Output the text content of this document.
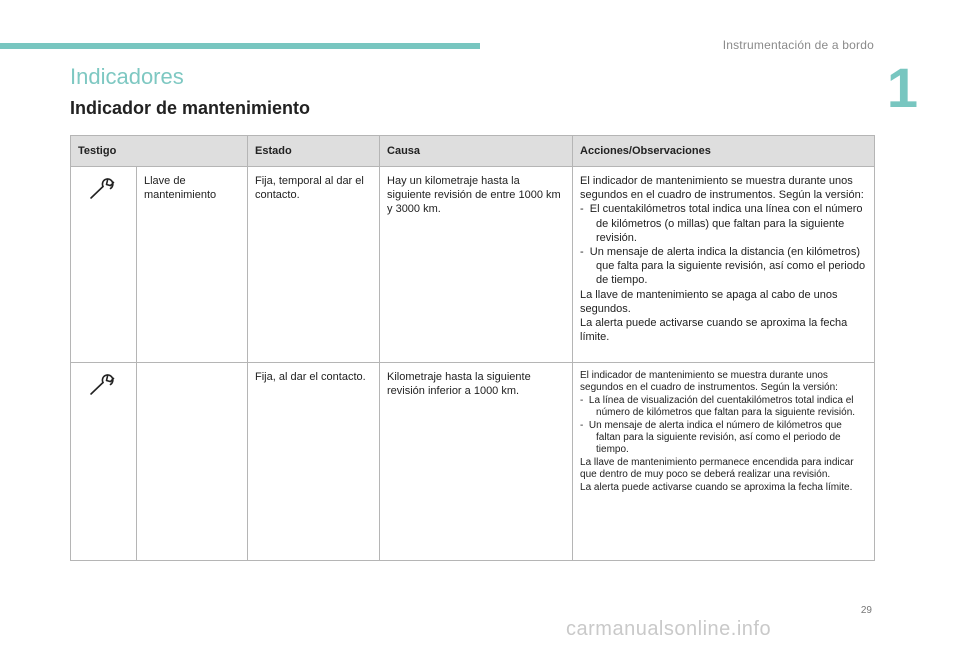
Instrumentación de a bordo
1
Indicadores
Indicador de mantenimiento
Testigo		Estado	Causa	Acciones/Observaciones

	Llave de mantenimiento	Fija, temporal al dar el contacto.	Hay un kilometraje hasta la siguiente revisión de entre 1000 km y 3000 km.	El indicador de mantenimiento se muestra durante unos segundos en el cuadro de instrumentos. Según la versión:
-  El cuentakilómetros total indica una línea con el número de kilómetros (o millas) que faltan para la siguiente revisión.
-  Un mensaje de alerta indica la distancia (en kilómetros) que falta para la siguiente revisión, así como el periodo de tiempo.
La llave de mantenimiento se apaga al cabo de unos segundos.
La alerta puede activarse cuando se aproxima la fecha límite.

		Fija, al dar el contacto.	Kilometraje hasta la siguiente revisión inferior a 1000 km.	El indicador de mantenimiento se muestra durante unos segundos en el cuadro de instrumentos. Según la versión:
-  La línea de visualización del cuentakilómetros total indica el número de kilómetros que faltan para la siguiente revisión.
-  Un mensaje de alerta indica el número de kilómetros que faltan para la siguiente revisión, así como el periodo de tiempo.
La llave de mantenimiento permanece encendida para indicar que dentro de muy poco se deberá realizar una revisión.
La alerta puede activarse cuando se aproxima la fecha límite.
29
carmanualsonline.info
